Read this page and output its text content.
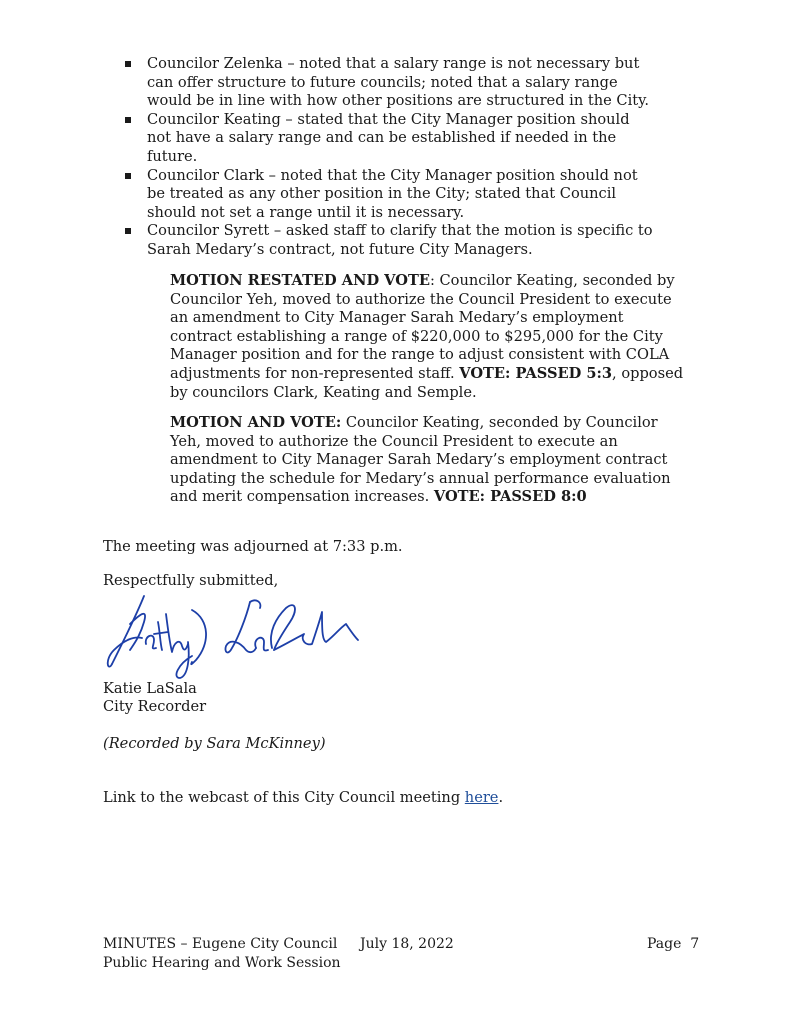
Councilor Zelenka – noted that a salary range is not necessary but can offer structure to future councils; noted that a salary range would be in line with how other positions are structured in the City.
Councilor Keating – stated that the City Manager position should not have a salary range and can be established if needed in the future.
Councilor Clark – noted that the City Manager position should not be treated as any other position in the City; stated that Council should not set a range until it is necessary.
Councilor Syrett – asked staff to clarify that the motion is specific to Sarah Medary’s contract, not future City Managers.

MOTION RESTATED AND VOTE: Councilor Keating, seconded by Councilor Yeh, moved to authorize the Council President to execute an amendment to City Manager Sarah Medary’s employment contract establishing a range of $220,000 to $295,000 for the City Manager position and for the range to adjust consistent with COLA adjustments for non-represented staff. VOTE: PASSED 5:3, opposed by councilors Clark, Keating and Semple.

MOTION AND VOTE: Councilor Keating, seconded by Councilor Yeh, moved to authorize the Council President to execute an amendment to City Manager Sarah Medary’s employment contract updating the schedule for Medary’s annual performance evaluation and merit compensation increases. VOTE: PASSED 8:0

The meeting was adjourned at 7:33 p.m.

Respectfully submitted,

Katie LaSala

City Recorder

(Recorded by Sara McKinney)

Link to the webcast of this City Council meeting here.

MINUTES – Eugene City Council
Public Hearing and Work Session
July 18, 2022	Page  7
